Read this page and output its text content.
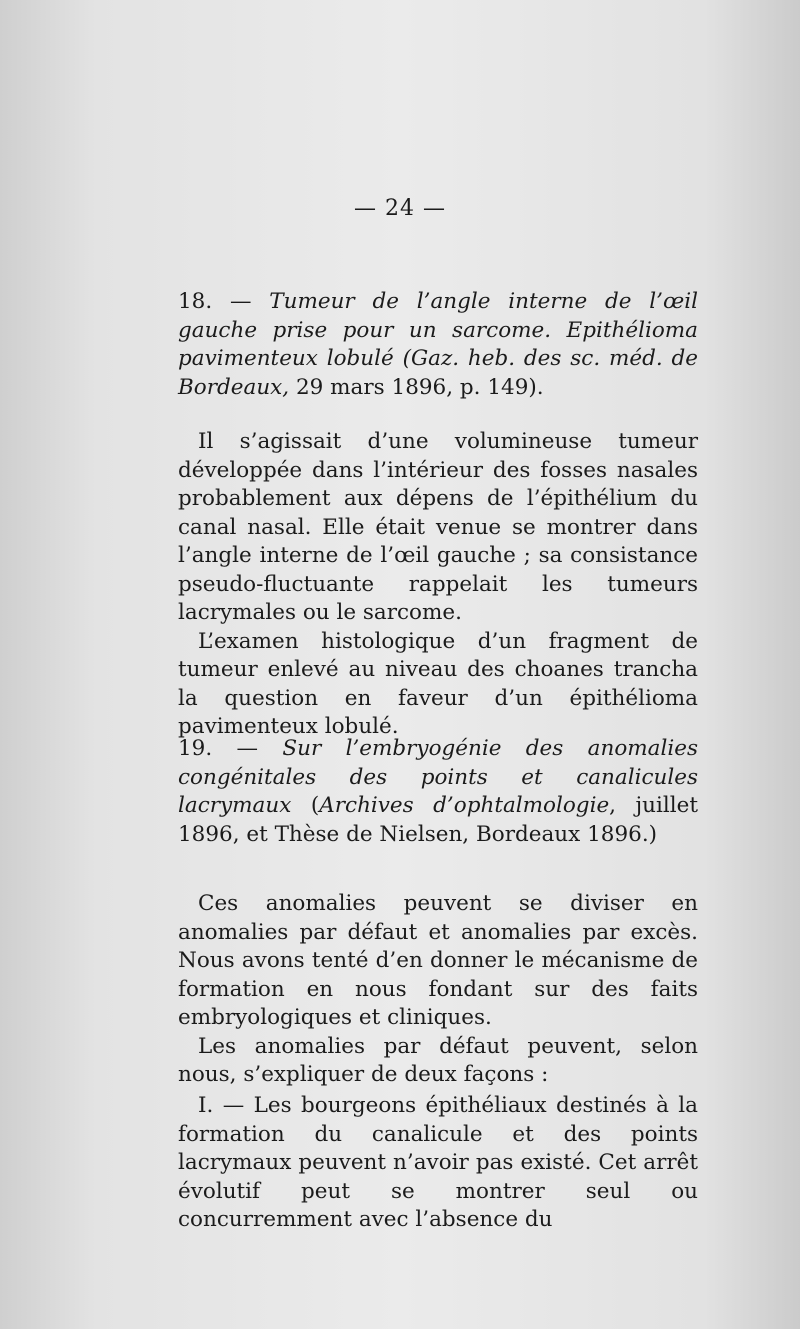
— 24 —
18. — Tumeur de l’angle interne de l’œil gauche prise pour un sarcome. Epithélioma pavimenteux lobulé (Gaz. heb. des sc. méd. de Bordeaux, 29 mars 1896, p. 149).

Il s’agissait d’une volumineuse tumeur développée dans l’intérieur des fosses nasales probablement aux dépens de l’épithélium du canal nasal. Elle était venue se montrer dans l’angle interne de l’œil gauche ; sa consistance pseudo-fluctuante rappelait les tumeurs lacrymales ou le sarcome.

L’examen histologique d’un fragment de tumeur enlevé au niveau des choanes trancha la question en faveur d’un épithélioma pavimenteux lobulé.

19. — Sur l’embryogénie des anomalies congénitales des points et canalicules lacrymaux (Archives d’ophtalmologie, juillet 1896, et Thèse de Nielsen, Bordeaux 1896.)

Ces anomalies peuvent se diviser en anomalies par défaut et anomalies par excès. Nous avons tenté d’en donner le mécanisme de formation en nous fondant sur des faits embryologiques et cliniques.

Les anomalies par défaut peuvent, selon nous, s’expliquer de deux façons :

I. — Les bourgeons épithéliaux destinés à la formation du canalicule et des points lacrymaux peuvent n’avoir pas existé. Cet arrêt évolutif peut se montrer seul ou concurremment avec l’absence du
